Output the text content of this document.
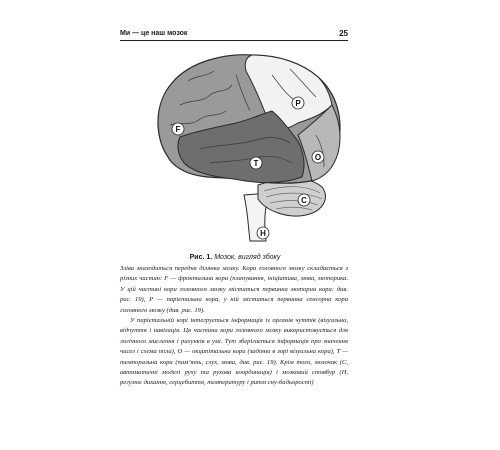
Ми — це наш мозок	25
F
P
T
O
C
H
Рис. 1. Мозок, вигляд збоку

Зліва знаходиться передня ділянка мозку. Кора головного мозку складається з різних частин: F — фронтальна кора (планування, ініціатива, мова, моторика. У цій частині кори головного мозку міститься первинна моторна кора: див. рис. 19), P — парієтальна кора, у ній міститься первинна сенсорна кора головного мозку (див. рис. 19).

У парієтальній корі інтегрується інформація із органів чуттів (візуальна, відчуття і навігація. Ця частина кори головного мозку використовується для логічного мислення і рахунків в умі. Тут зберігається інформація про значення чисел і схема тіла), O — окципітальна кора (задіяна в зорі візуальна кора), T — темпоральна кора (пам’ять, слух, мова, див. рис. 19). Крім того, мозочок (C, автоматичні моделі руху та рухова координація) і мозковий стовбур (H, регулює дихання, серцебиття, температуру і ритм сну-бадьорості)
